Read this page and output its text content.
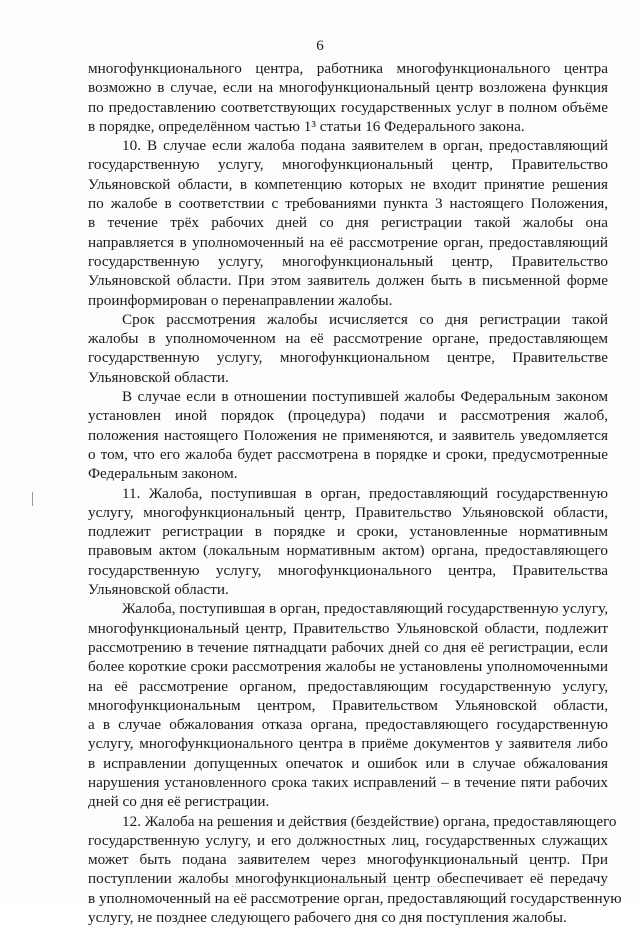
6
многофункционального центра, работника многофункционального центра
возможно в случае, если на многофункциональный центр возложена функция
по предоставлению соответствующих государственных услуг в полном объёме
в порядке, определённом частью 1³ статьи 16 Федерального закона.
10. В случае если жалоба подана заявителем в орган, предоставляющий
государственную услугу, многофункциональный центр, Правительство
Ульяновской области, в компетенцию которых не входит принятие решения
по жалобе в соответствии с требованиями пункта 3 настоящего Положения,
в течение трёх рабочих дней со дня регистрации такой жалобы она
направляется в уполномоченный на её рассмотрение орган, предоставляющий
государственную услугу, многофункциональный центр, Правительство
Ульяновской области. При этом заявитель должен быть в письменной форме
проинформирован о перенаправлении жалобы.
Срок рассмотрения жалобы исчисляется со дня регистрации такой
жалобы в уполномоченном на её рассмотрение органе, предоставляющем
государственную услугу, многофункциональном центре, Правительстве
Ульяновской области.
В случае если в отношении поступившей жалобы Федеральным законом
установлен иной порядок (процедура) подачи и рассмотрения жалоб,
положения настоящего Положения не применяются, и заявитель уведомляется
о том, что его жалоба будет рассмотрена в порядке и сроки, предусмотренные
Федеральным законом.
11. Жалоба, поступившая в орган, предоставляющий государственную
услугу, многофункциональный центр, Правительство Ульяновской области,
подлежит регистрации в порядке и сроки, установленные нормативным
правовым актом (локальным нормативным актом) органа, предоставляющего
государственную услугу, многофункционального центра, Правительства
Ульяновской области.
Жалоба, поступившая в орган, предоставляющий государственную услугу,
многофункциональный центр, Правительство Ульяновской области, подлежит
рассмотрению в течение пятнадцати рабочих дней со дня её регистрации, если
более короткие сроки рассмотрения жалобы не установлены уполномоченными
на её рассмотрение органом, предоставляющим государственную услугу,
многофункциональным центром, Правительством Ульяновской области,
а в случае обжалования отказа органа, предоставляющего государственную
услугу, многофункционального центра в приёме документов у заявителя либо
в исправлении допущенных опечаток и ошибок или в случае обжалования
нарушения установленного срока таких исправлений – в течение пяти рабочих
дней со дня её регистрации.
12. Жалоба на решения и действия (бездействие) органа, предоставляющего
государственную услугу, и его должностных лиц, государственных служащих
может быть подана заявителем через многофункциональный центр. При
поступлении жалобы многофункциональный центр обеспечивает её передачу
в уполномоченный на её рассмотрение орган, предоставляющий государственную
услугу, не позднее следующего рабочего дня со дня поступления жалобы.
